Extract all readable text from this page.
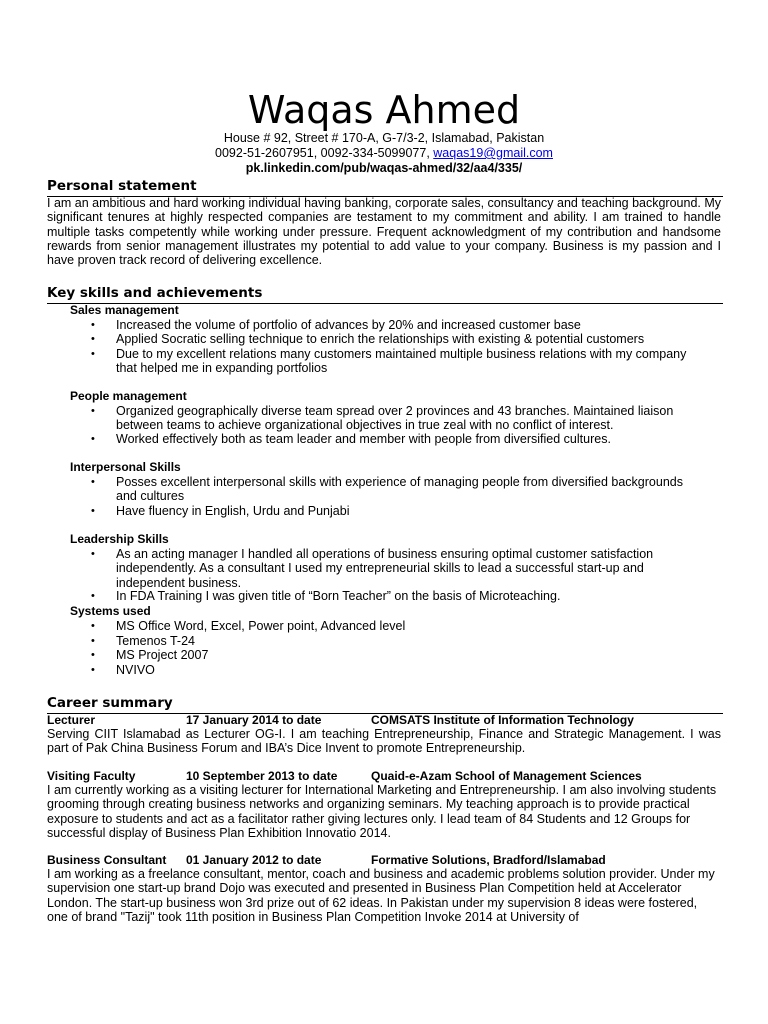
Waqas Ahmed
House # 92, Street # 170-A, G-7/3-2, Islamabad, Pakistan
0092-51-2607951, 0092-334-5099077, waqas19@gmail.com
pk.linkedin.com/pub/waqas-ahmed/32/aa4/335/
Personal statement
I am an ambitious and hard working individual having banking, corporate sales, consultancy and teaching background. My significant tenures at highly respected companies are testament to my commitment and ability. I am trained to handle multiple tasks competently while working under pressure. Frequent acknowledgment of my contribution and handsome rewards from senior management illustrates my potential to add value to your company. Business is my passion and I have proven track record of delivering excellence.
Key skills and achievements
Sales management
• Increased the volume of portfolio of advances by 20% and increased customer base
• Applied Socratic selling technique to enrich the relationships with existing & potential customers
• Due to my excellent relations many customers maintained multiple business relations with my company that helped me in expanding portfolios
People management
• Organized geographically diverse team spread over 2 provinces and 43 branches. Maintained liaison between teams to achieve organizational objectives in true zeal with no conflict of interest.
• Worked effectively both as team leader and member with people from diversified cultures.
Interpersonal Skills
• Posses excellent interpersonal skills with experience of managing people from diversified backgrounds and cultures
• Have fluency in English, Urdu and Punjabi
Leadership Skills
• As an acting manager I handled all operations of business ensuring optimal customer satisfaction independently. As a consultant I used my entrepreneurial skills to lead a successful start-up and independent business.
• In FDA Training I was given title of “Born Teacher” on the basis of Microteaching.
Systems used
• MS Office Word, Excel, Power point, Advanced level
• Temenos T-24
• MS Project 2007
• NVIVO
Career summary
Lecturer	17 January 2014 to date	COMSATS Institute of Information Technology
Serving CIIT Islamabad as Lecturer OG-I. I am teaching Entrepreneurship, Finance and Strategic Management. I was part of Pak China Business Forum and IBA’s Dice Invent to promote Entrepreneurship.
Visiting Faculty	10 September 2013 to date	Quaid-e-Azam School of Management Sciences
I am currently working as a visiting lecturer for International Marketing and Entrepreneurship. I am also involving students grooming through creating business networks and organizing seminars. My teaching approach is to provide practical exposure to students and act as a facilitator rather giving lectures only. I lead team of 84 Students and 12 Groups for successful display of Business Plan Exhibition Innovatio 2014.
Business Consultant 01 January 2012 to date	Formative Solutions, Bradford/Islamabad
I am working as a freelance consultant, mentor, coach and business and academic problems solution provider. Under my supervision one start-up brand Dojo was executed and presented in Business Plan Competition held at Accelerator London. The start-up business won 3rd prize out of 62 ideas. In Pakistan under my supervision 8 ideas were fostered, one of brand "Tazij" took 11th position in Business Plan Competition Invoke 2014 at University of
